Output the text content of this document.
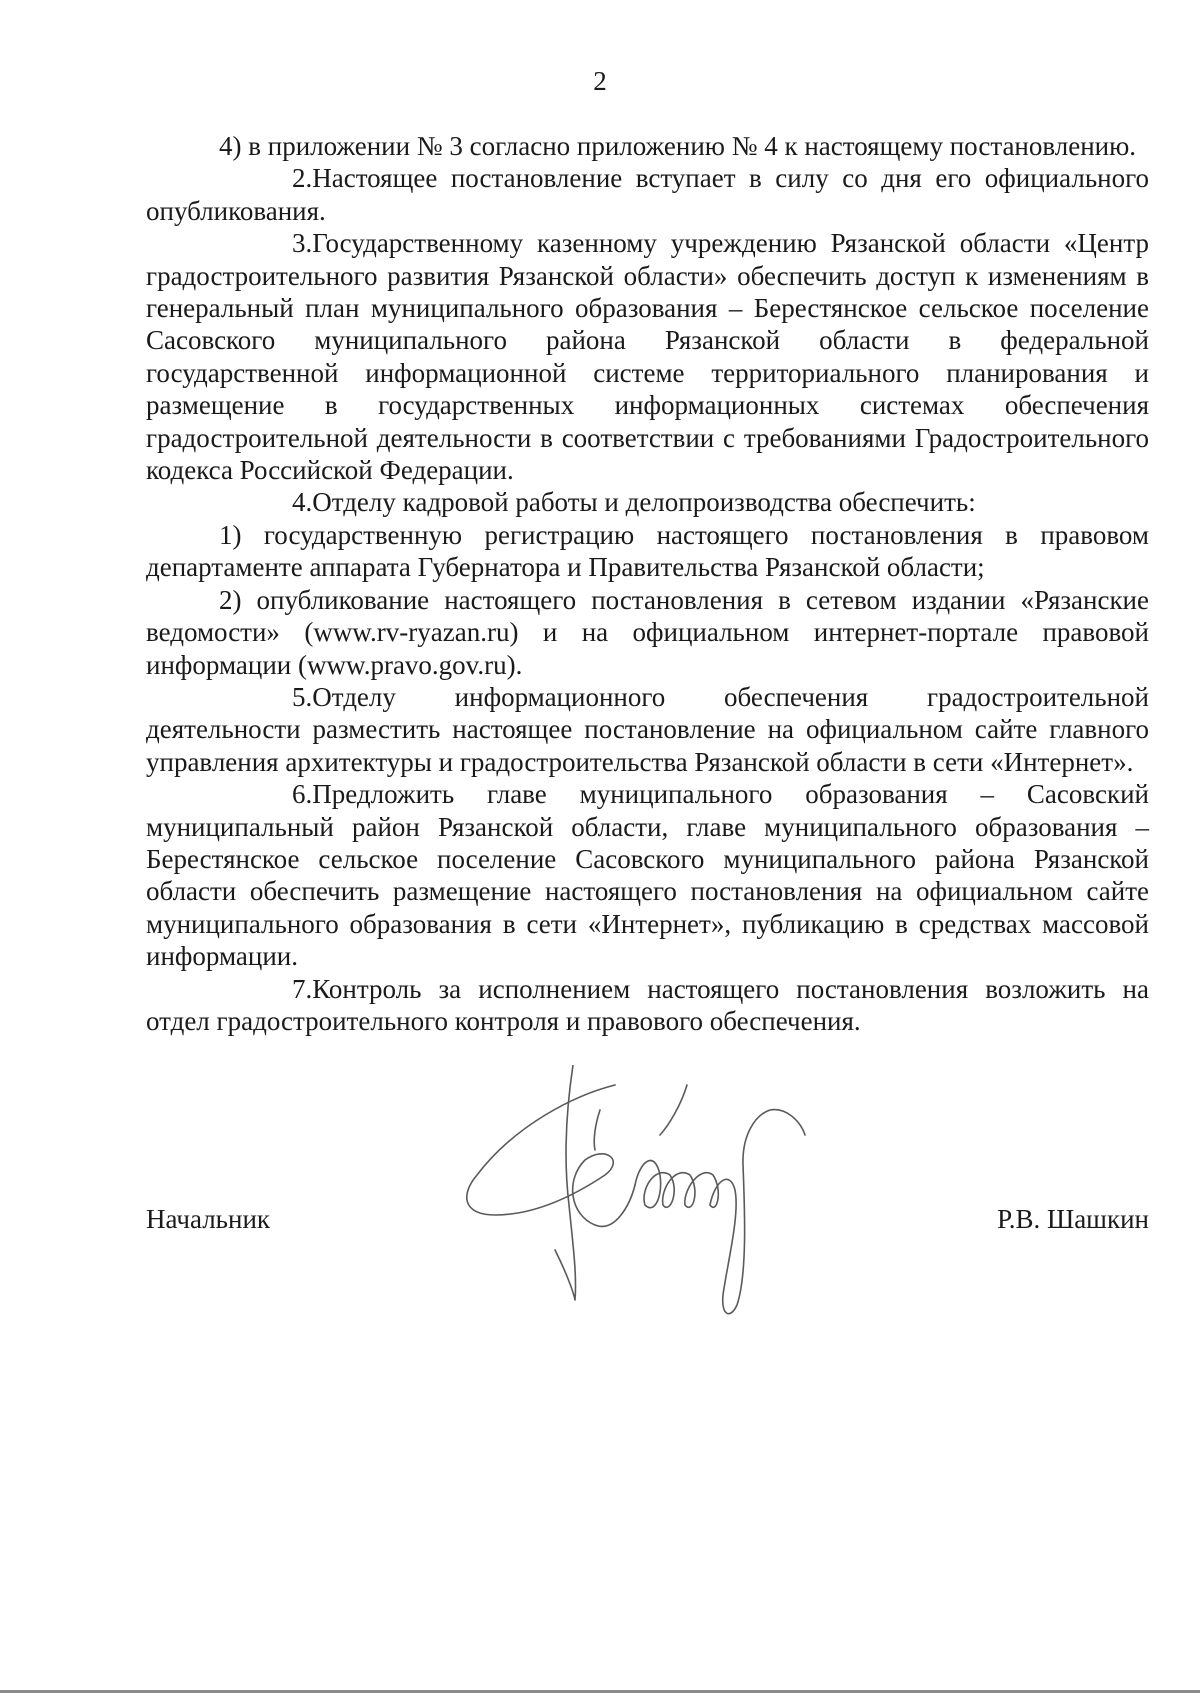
2

4) в приложении № 3 согласно приложению № 4 к настоящему постановлению.

2.Настоящее постановление вступает в силу со дня его официального опубликования.

3.Государственному казенному учреждению Рязанской области «Центр градостроительного развития Рязанской области» обеспечить доступ к изменениям в генеральный план муниципального образования – Берестянское сельское поселение Сасовского муниципального района Рязанской области в федеральной государственной информационной системе территориального планирования и размещение в государственных информационных системах обеспечения градостроительной деятельности в соответствии с требованиями Градостроительного кодекса Российской Федерации.

4.Отделу кадровой работы и делопроизводства обеспечить:

1) государственную регистрацию настоящего постановления в правовом департаменте аппарата Губернатора и Правительства Рязанской области;

2) опубликование настоящего постановления в сетевом издании «Рязанские ведомости» (www.rv-ryazan.ru) и на официальном интернет-портале правовой информации (www.pravo.gov.ru).

5.Отделу информационного обеспечения градостроительной деятельности разместить настоящее постановление на официальном сайте главного управления архитектуры и градостроительства Рязанской области в сети «Интернет».

6.Предложить главе муниципального образования – Сасовский муниципальный район Рязанской области, главе муниципального образования – Берестянское сельское поселение Сасовского муниципального района Рязанской области обеспечить размещение настоящего постановления на официальном сайте муниципального образования в сети «Интернет», публикацию в средствах массовой информации.

7.Контроль за исполнением настоящего постановления возложить на отдел градостроительного контроля и правового обеспечения.

Начальник	Р.В. Шашкин
